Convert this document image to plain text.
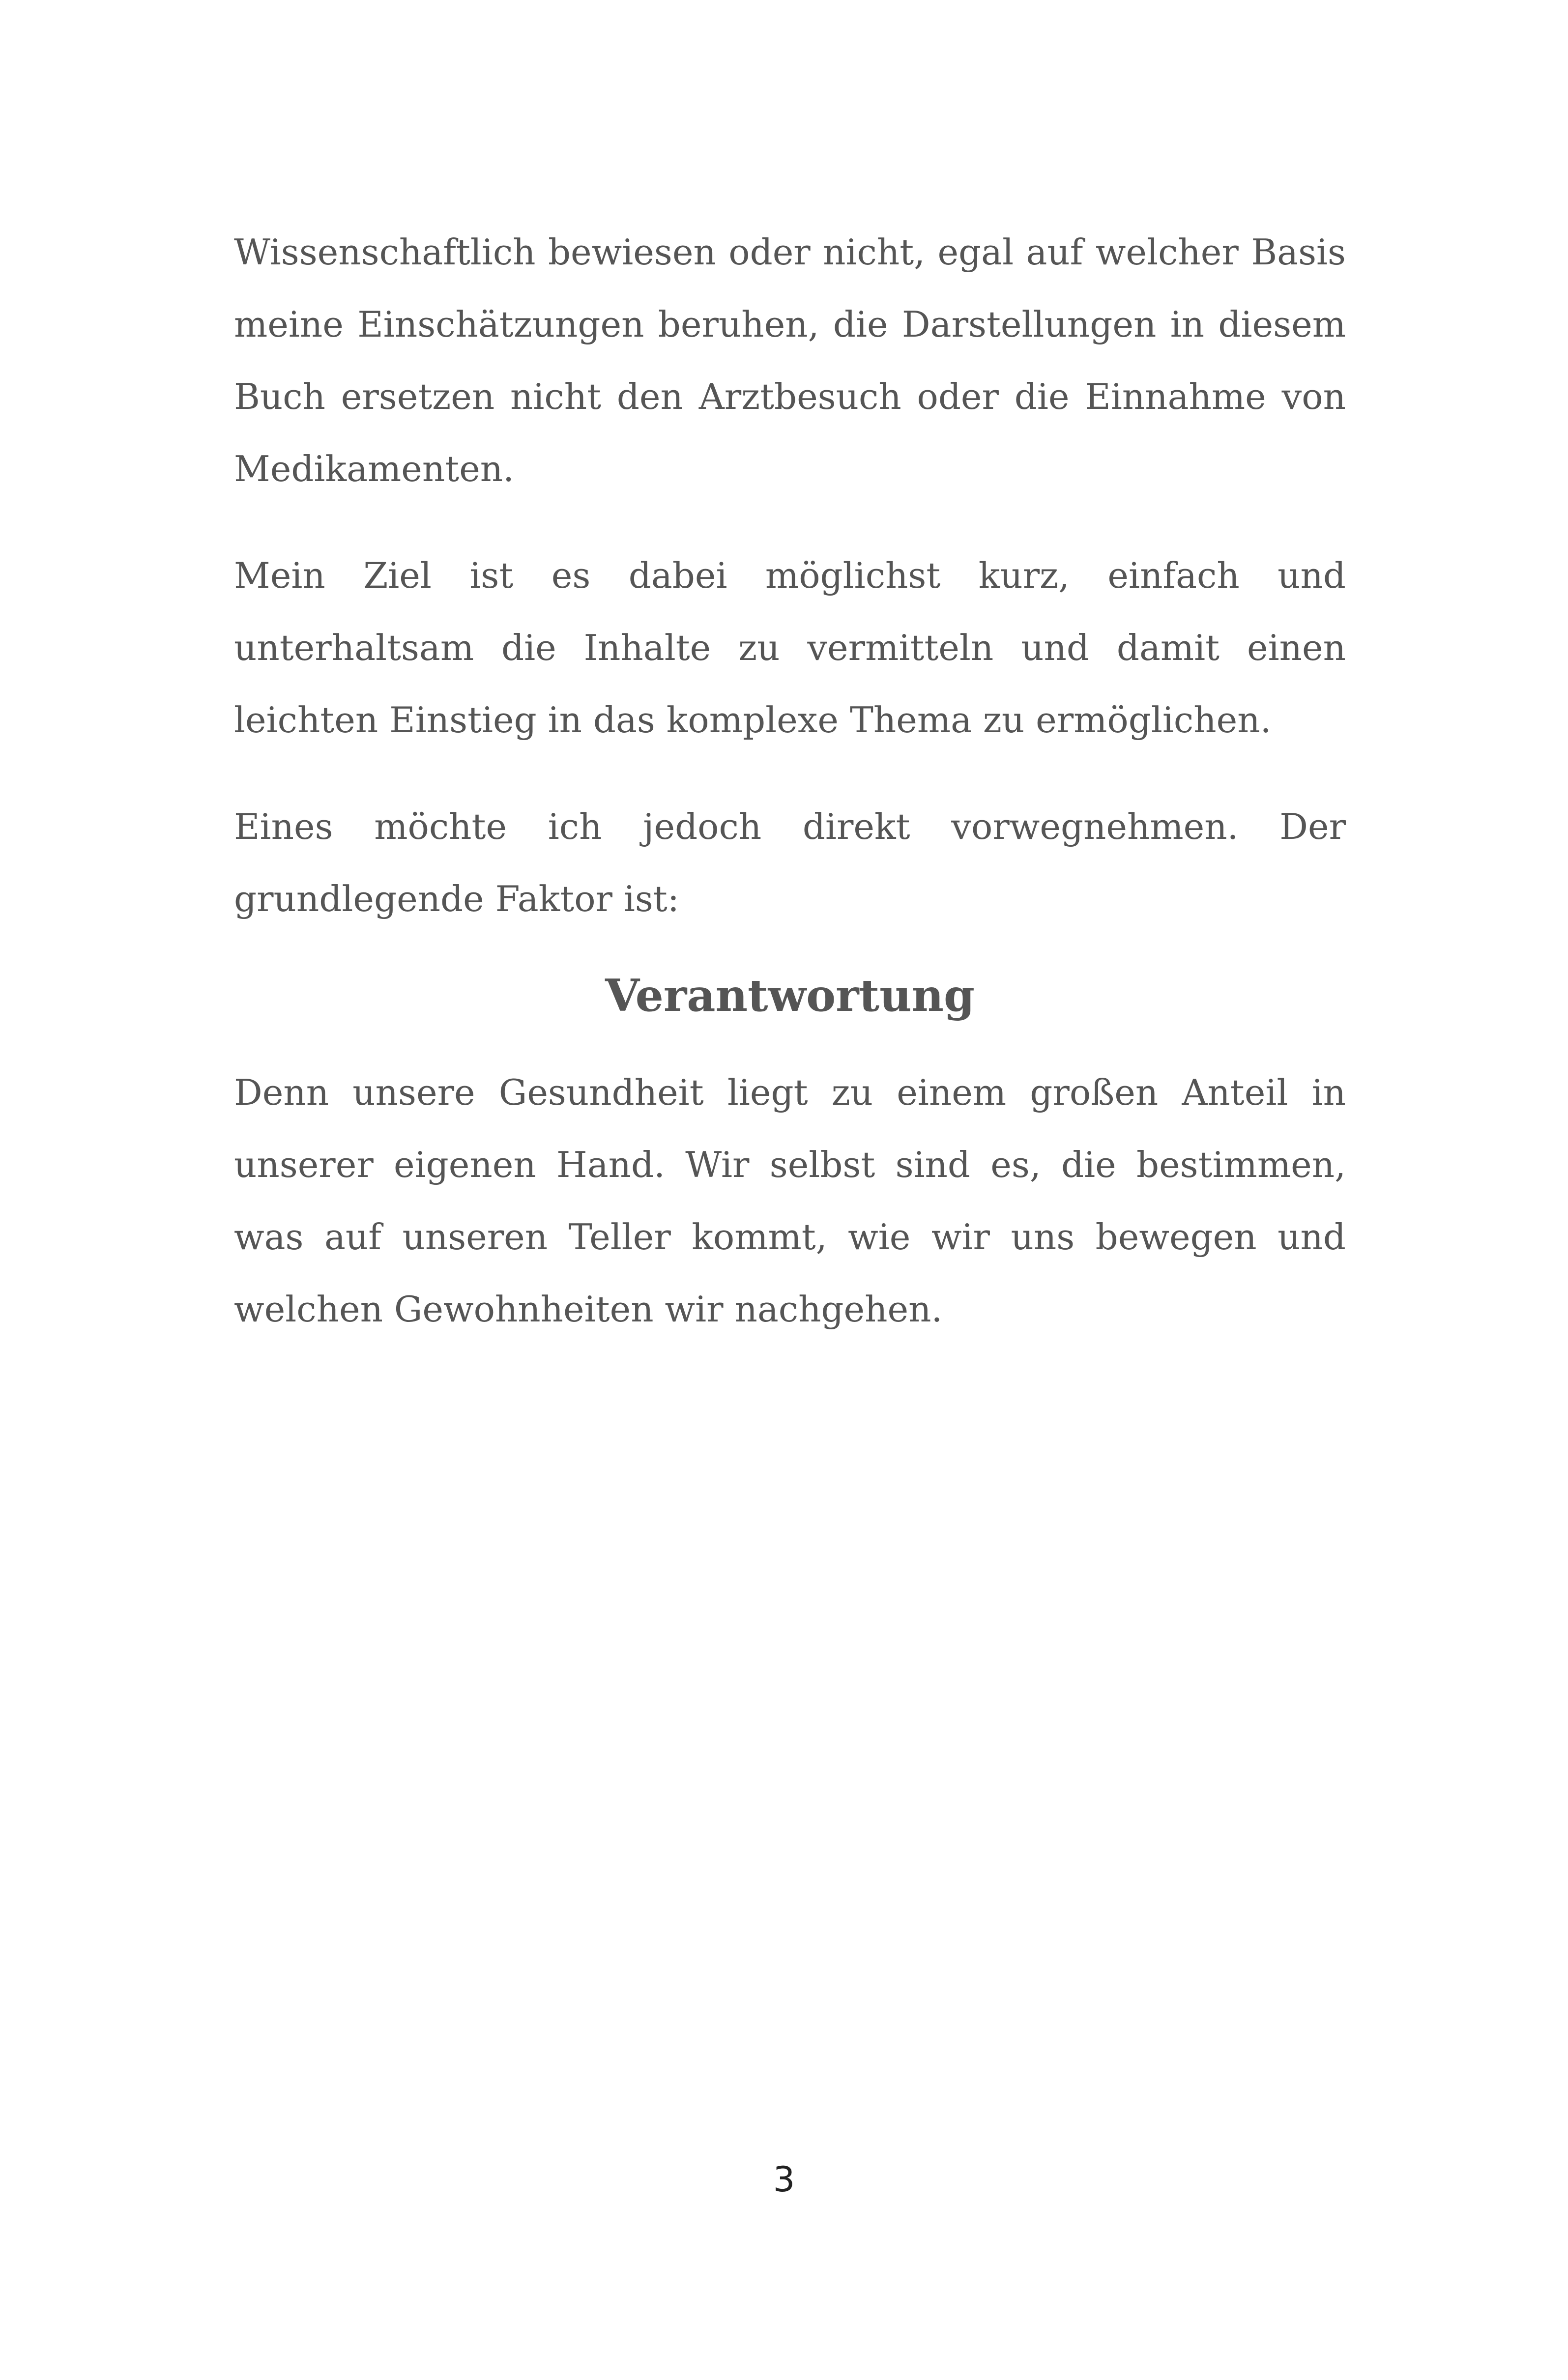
Wissenschaftlich bewiesen oder nicht, egal auf welcher Basis meine Einschätzungen beruhen, die Darstellungen in diesem Buch ersetzen nicht den Arztbesuch oder die Einnahme von Medikamenten.

Mein Ziel ist es dabei möglichst kurz, einfach und unterhaltsam die Inhalte zu vermitteln und damit einen leichten Einstieg in das komplexe Thema zu ermöglichen.

Eines möchte ich jedoch direkt vorwegnehmen. Der grundlegende Faktor ist:

Verantwortung

Denn unsere Gesundheit liegt zu einem großen Anteil in unserer eigenen Hand. Wir selbst sind es, die bestimmen, was auf unseren Teller kommt, wie wir uns bewegen und welchen Gewohnheiten wir nachgehen.

3
